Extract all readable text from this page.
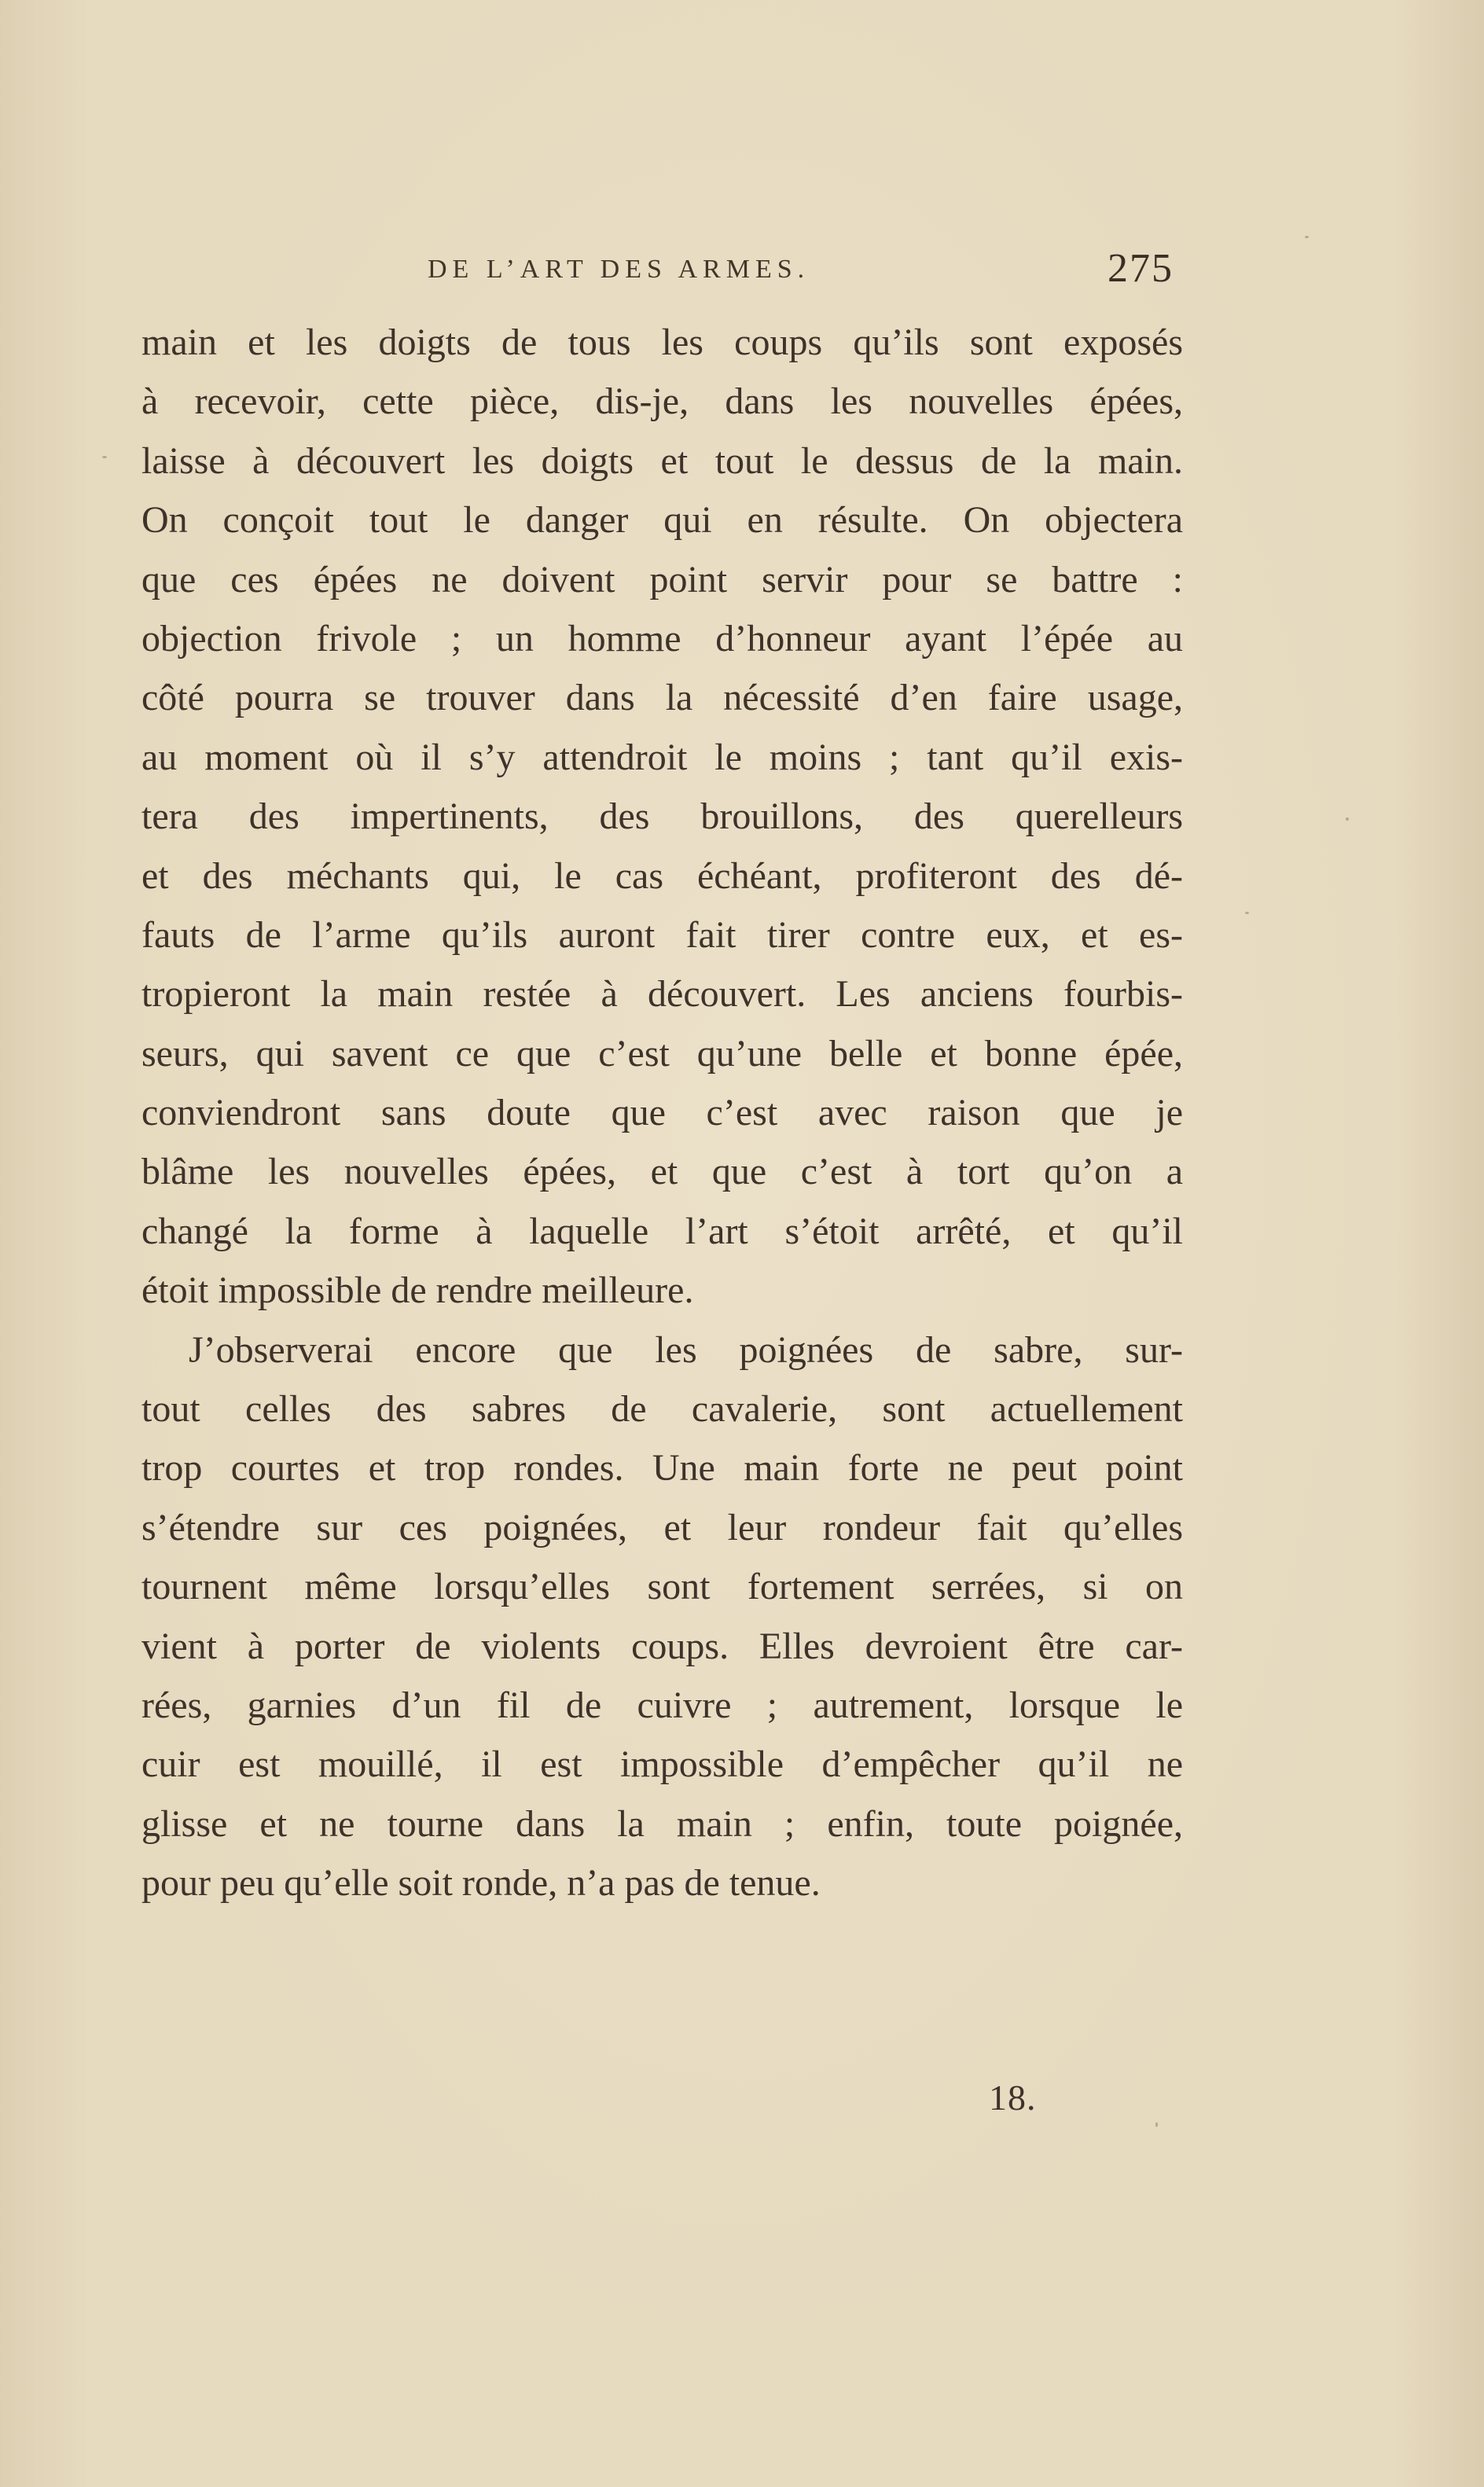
DE L’ART DES ARMES.	275
main et les doigts de tous les coups qu’ils sont exposés
à recevoir, cette pièce, dis-je, dans les nouvelles épées,
laisse à découvert les doigts et tout le dessus de la main.
On conçoit tout le danger qui en résulte. On objectera
que ces épées ne doivent point servir pour se battre :
objection frivole ; un homme d’honneur ayant l’épée au
côté pourra se trouver dans la nécessité d’en faire usage,
au moment où il s’y attendroit le moins ; tant qu’il exis-
tera des impertinents, des brouillons, des querelleurs
et des méchants qui, le cas échéant, profiteront des dé-
fauts de l’arme qu’ils auront fait tirer contre eux, et es-
tropieront la main restée à découvert. Les anciens fourbis-
seurs, qui savent ce que c’est qu’une belle et bonne épée,
conviendront sans doute que c’est avec raison que je
blâme les nouvelles épées, et que c’est à tort qu’on a
changé la forme à laquelle l’art s’étoit arrêté, et qu’il
étoit impossible de rendre meilleure.
J’observerai encore que les poignées de sabre, sur-
tout celles des sabres de cavalerie, sont actuellement
trop courtes et trop rondes. Une main forte ne peut point
s’étendre sur ces poignées, et leur rondeur fait qu’elles
tournent même lorsqu’elles sont fortement serrées, si on
vient à porter de violents coups. Elles devroient être car-
rées, garnies d’un fil de cuivre ; autrement, lorsque le
cuir est mouillé, il est impossible d’empêcher qu’il ne
glisse et ne tourne dans la main ; enfin, toute poignée,
pour peu qu’elle soit ronde, n’a pas de tenue.
18.
